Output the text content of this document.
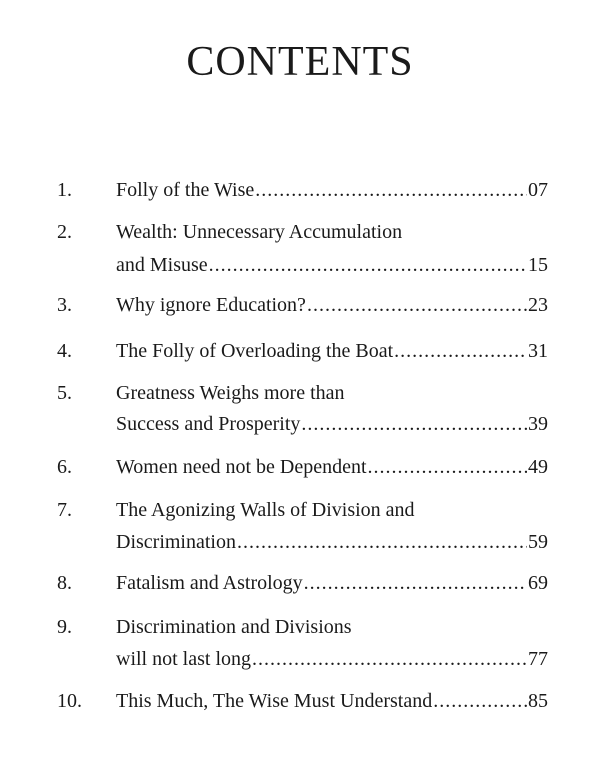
CONTENTS
1. Folly of the Wise .....	07
2. Wealth: Unnecessary Accumulation
and Misuse .....	15
3. Why ignore Education? .....	23
4. The Folly of Overloading the Boat .....	31
5. Greatness Weighs more than
Success and Prosperity .....	39
6. Women need not be Dependent .....	49
7. The Agonizing Walls of Division and
Discrimination .....	59
8. Fatalism and Astrology .....	69
9. Discrimination and Divisions
will not last long .....	77
10. This Much, The Wise Must Understand .....	85
